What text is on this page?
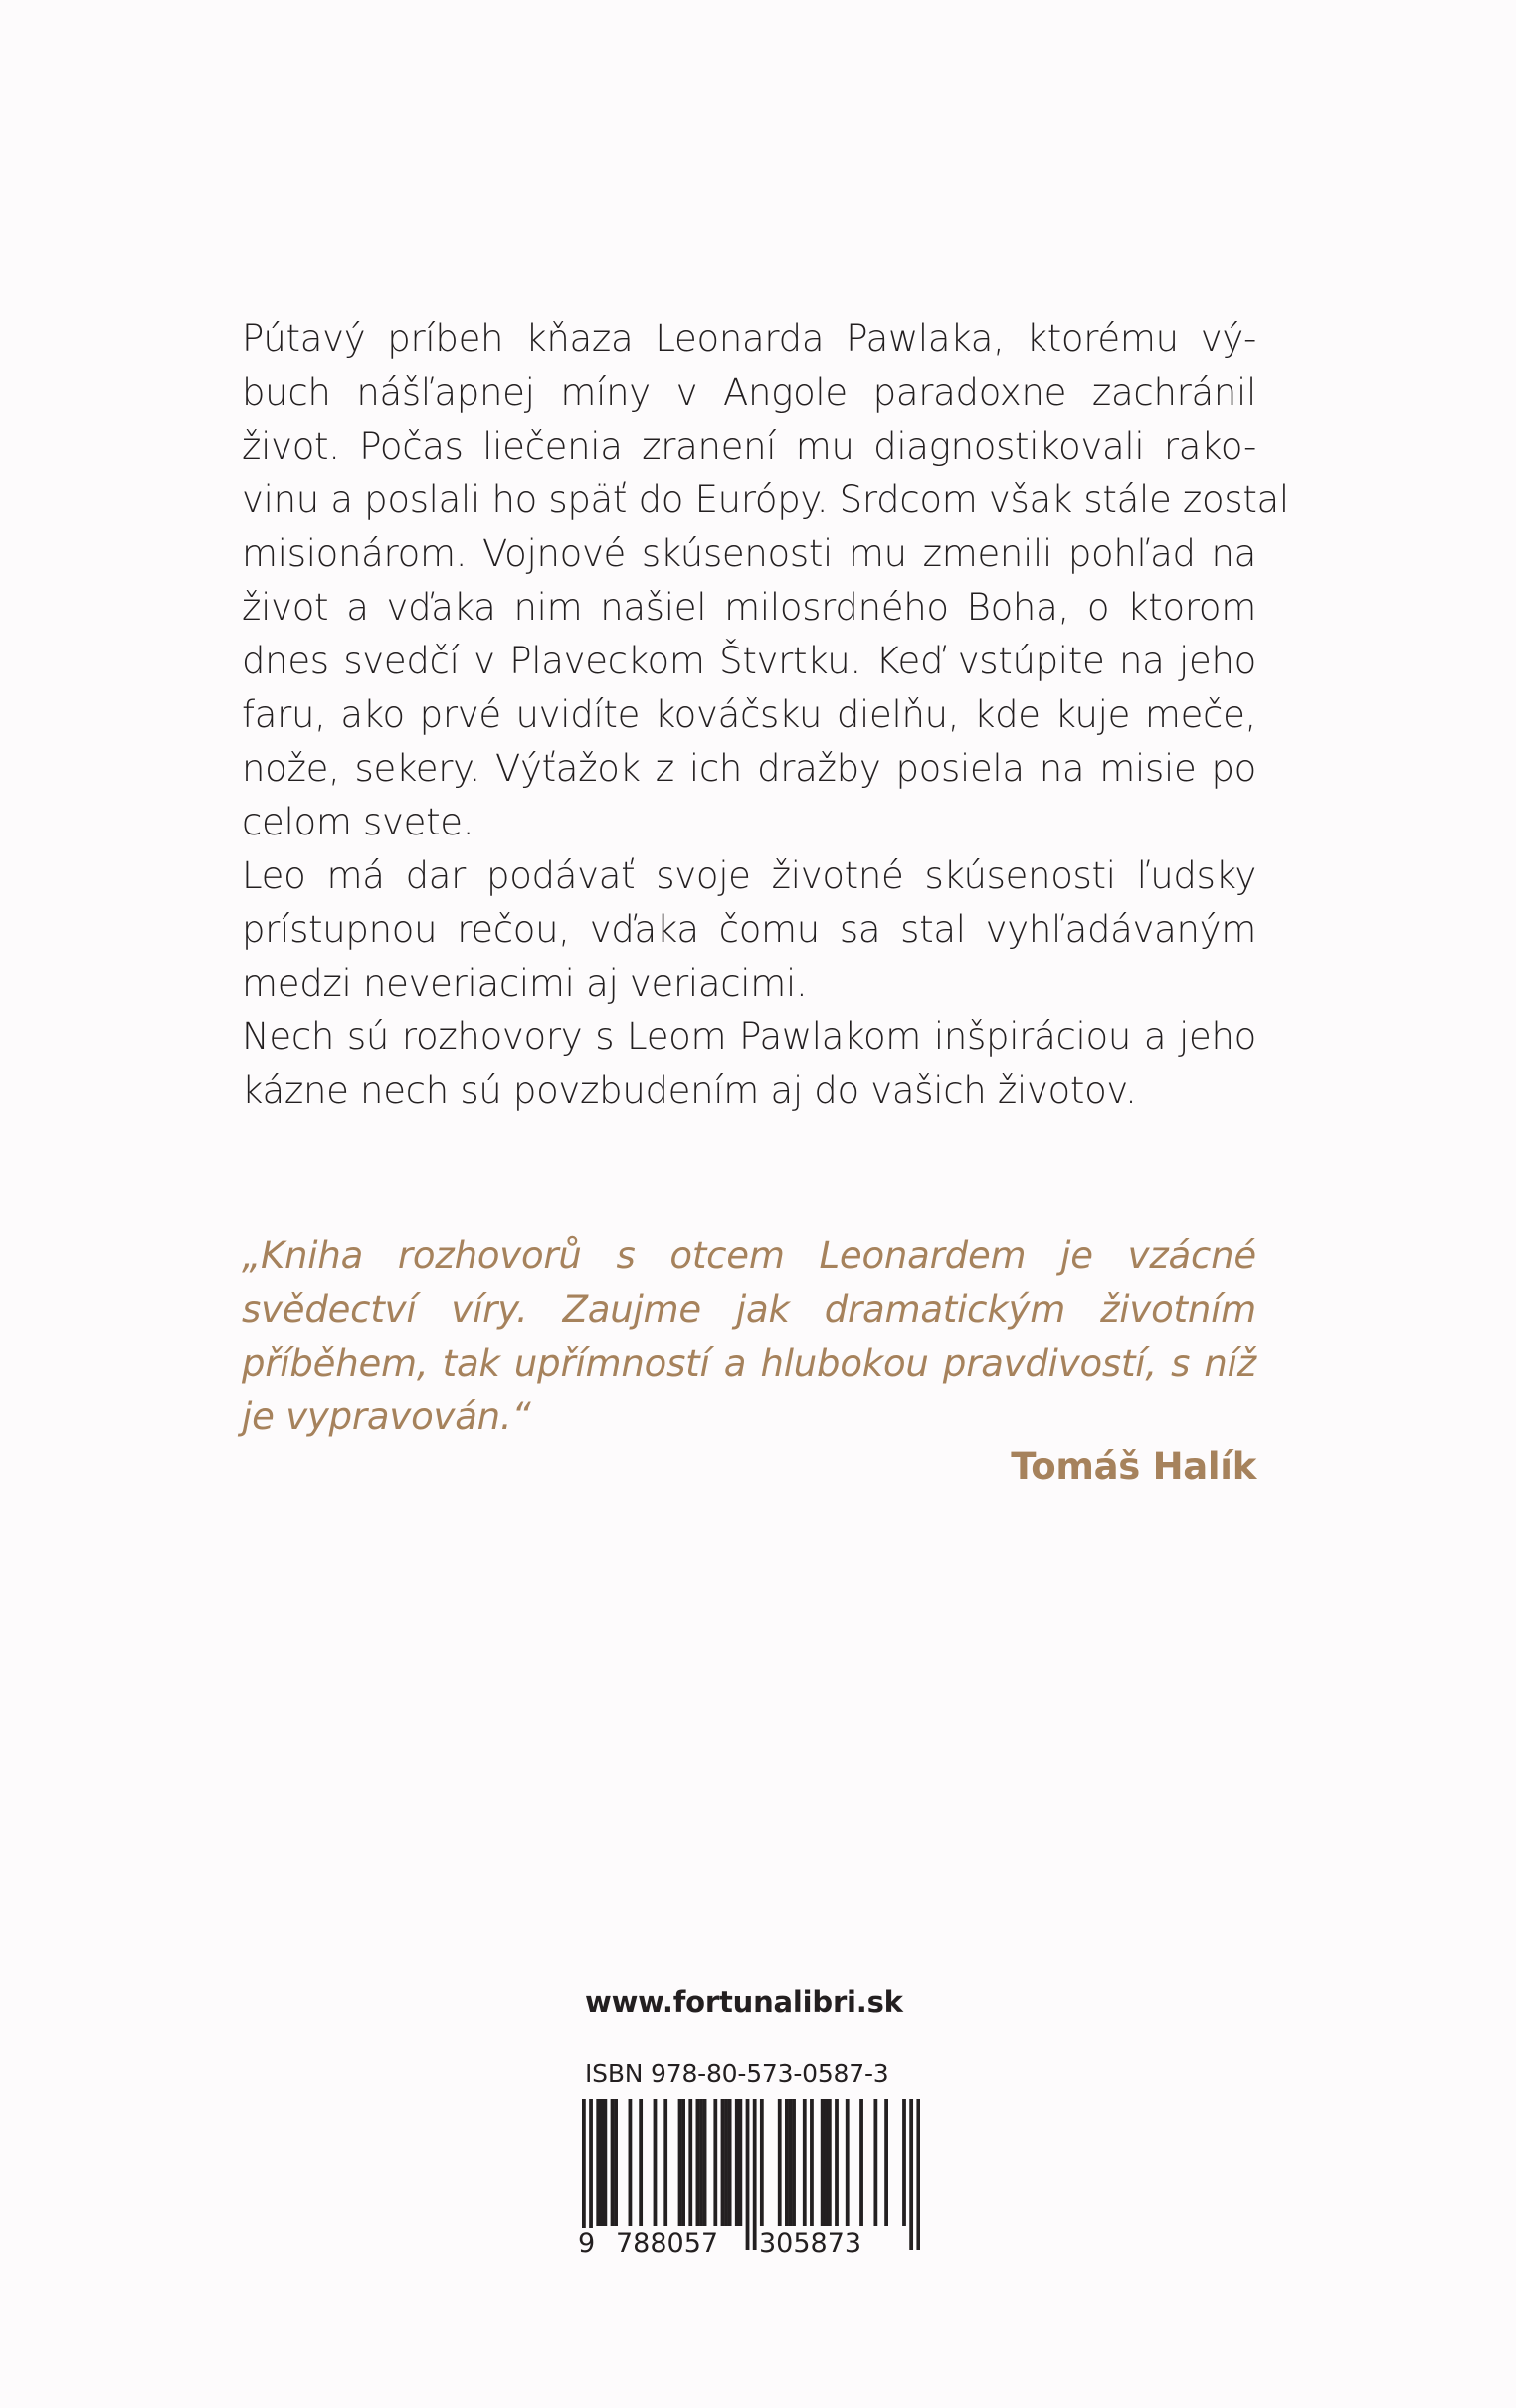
Pútavý príbeh kňaza Leonarda Pawlaka, ktorému vý-
buch nášľapnej míny v Angole paradoxne zachránil
život. Počas liečenia zranení mu diagnostikovali rako-
vinu a poslali ho späť do Európy. Srdcom však stále zostal
misionárom. Vojnové skúsenosti mu zmenili pohľad na
život a vďaka nim našiel milosrdného Boha, o ktorom
dnes svedčí v Plaveckom Štvrtku. Keď vstúpite na jeho
faru, ako prvé uvidíte kováčsku dielňu, kde kuje meče,
nože, sekery. Výťažok z ich dražby posiela na misie po
celom svete.
Leo má dar podávať svoje životné skúsenosti ľudsky
prístupnou rečou, vďaka čomu sa stal vyhľadávaným
medzi neveriacimi aj veriacimi.
Nech sú rozhovory s Leom Pawlakom inšpiráciou a jeho
kázne nech sú povzbudením aj do vašich životov.
„Kniha rozhovorů s otcem Leonardem je vzácné
svědectví víry. Zaujme jak dramatickým životním
příběhem, tak upřímností a hlubokou pravdivostí, s níž
je vypravován.“
Tomáš Halík
www.fortunalibri.sk
ISBN 978-80-573-0587-3
9 788057 305873
